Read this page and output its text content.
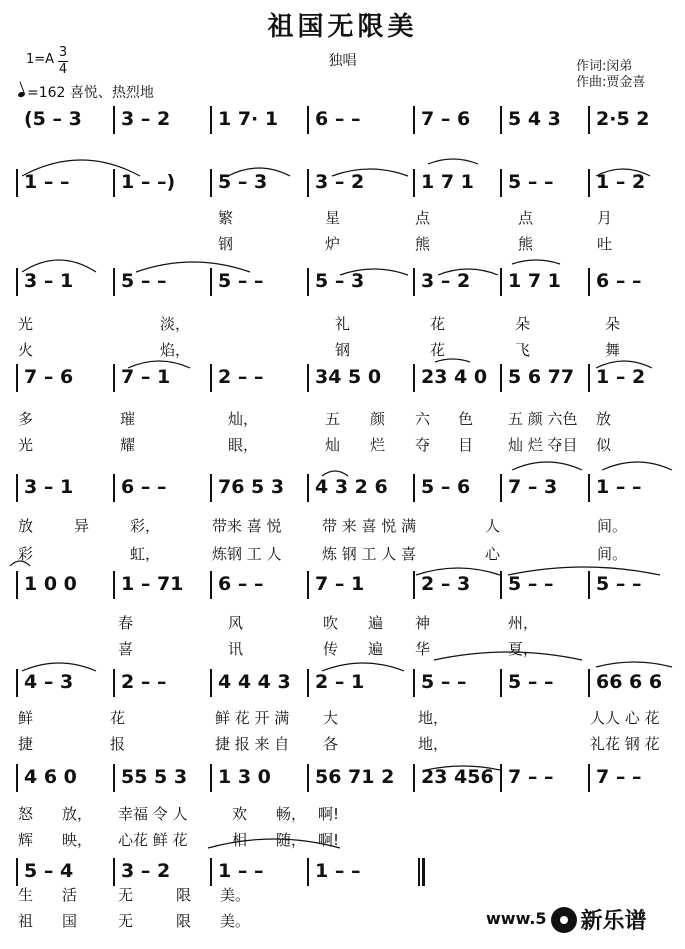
祖国无限美
独唱	作词:闵弟
作曲:贾金喜
1=A 3
4
=162 喜悦、热烈地
(5 – 3 3 – 2	1 7· 1 6 – –	7 – 6 5 4 3 2·5 2
1 – –	1 – –) 5 – 3	3 – 2	1 7 1 5 – – 1 – 2
3 – 1	5 – –	5 – –	5 – 3	3 – 2 1 7 1 6 – –
7 – 6	7 – 1	2 – –	34 5 0 23 4 0 5 6 77 1 – 2
3 – 1	6 – –	76 5 3 4 3 2 6 5 – 6 7 – 3 1 – –
1 0 0 1 – 71 6 – –	7 – 1	2 – 3 5 – – 5 – –
4 – 3	2 – –	4 4 4 3 2 – 1	5 – – 5 – – 66 6 6
4 6 0 55 5 3 1 3 0 56 71 2 23 456 7 – – 7 – –
5 – 4	3 – 2	1 – –	1 – –
繁	星	点	点	月
钢	炉	熊	熊	吐
光	淡，	礼	花	朵	朵
火	焰，	钢	花	飞	舞
多	璀	灿，	五 颜 六 色 五 颜 六色 放
光	耀	眼，	灿 烂 夺 目 灿 烂 夺目 似
放	异	彩，	带来 喜 悦	带 来 喜 悦 满	人	间。
彩	虹，	炼钢 工 人	炼 钢 工 人 喜	心	间。
春	风	吹 遍 神	州，
喜	讯	传 遍 华	夏，
鲜	花	鲜 花 开 满 大	地，	人人 心 花
捷	报	捷 报 来 自 各	地，	礼花 钢 花
怒 放， 幸福 令 人	欢 畅， 啊!
辉 映， 心花 鲜 花	相 随， 啊!
生 活	无	限 美。
祖 国	无	限 美。	www.5 新乐谱
